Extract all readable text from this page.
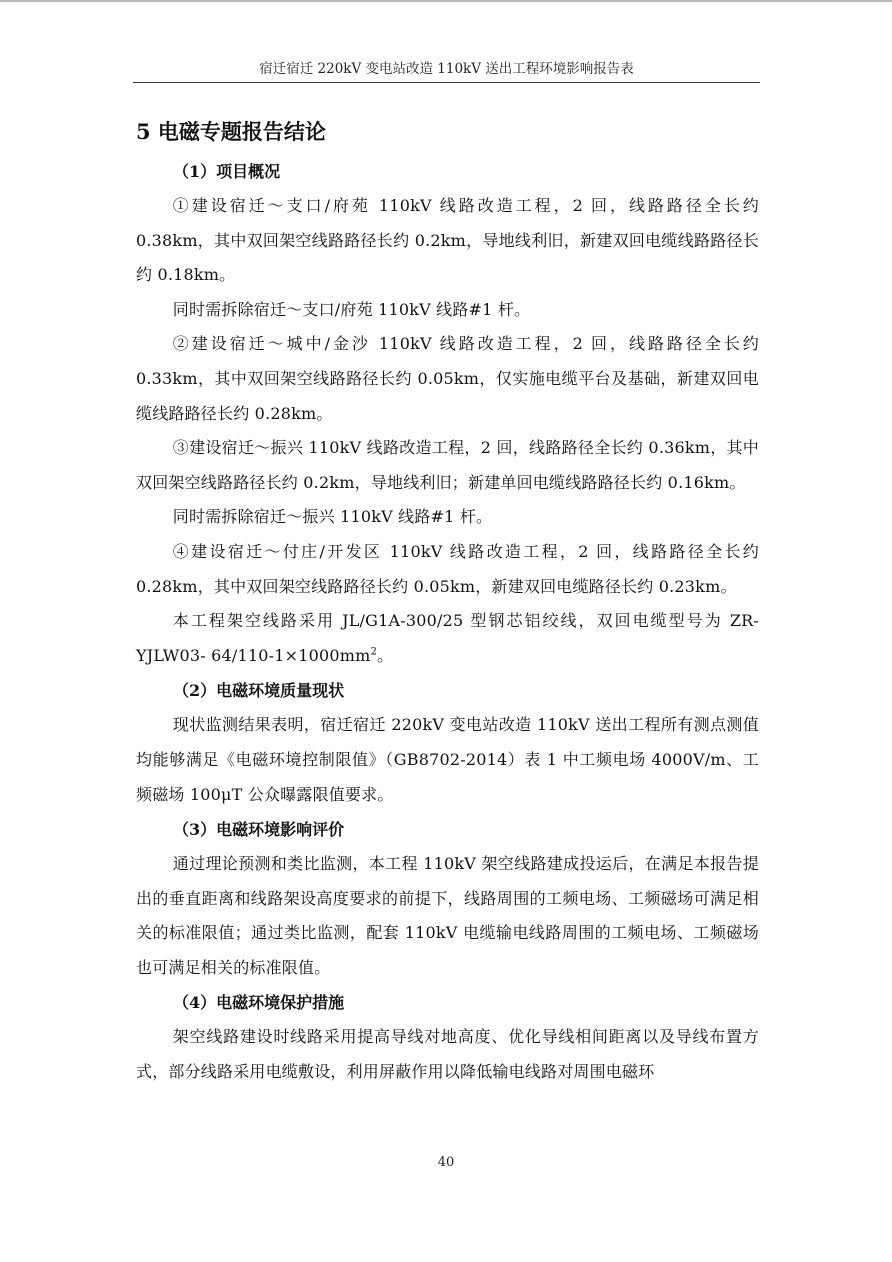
宿迁宿迁 220kV 变电站改造 110kV 送出工程环境影响报告表
5 电磁专题报告结论
（1）项目概况

①建设宿迁～支口/府苑 110kV 线路改造工程，2 回，线路路径全长约 0.38km，其中双回架空线路路径长约 0.2km，导地线利旧，新建双回电缆线路路径长约 0.18km。

同时需拆除宿迁～支口/府苑 110kV 线路#1 杆。

②建设宿迁～城中/金沙 110kV 线路改造工程，2 回，线路路径全长约 0.33km，其中双回架空线路路径长约 0.05km，仅实施电缆平台及基础，新建双回电缆线路路径长约 0.28km。

③建设宿迁～振兴 110kV 线路改造工程，2 回，线路路径全长约 0.36km，其中双回架空线路路径长约 0.2km，导地线利旧；新建单回电缆线路路径长约 0.16km。

同时需拆除宿迁～振兴 110kV 线路#1 杆。

④建设宿迁～付庄/开发区 110kV 线路改造工程，2 回，线路路径全长约 0.28km，其中双回架空线路路径长约 0.05km，新建双回电缆路径长约 0.23km。

本工程架空线路采用 JL/G1A-300/25 型钢芯铝绞线，双回电缆型号为 ZR-YJLW03- $64/110-1\times 1000mm^2$。

（2）电磁环境质量现状

现状监测结果表明，宿迁宿迁 220kV 变电站改造 110kV 送出工程所有测点测值均能够满足《电磁环境控制限值》（GB8702-2014）表 1 中工频电场 4000V/m、工频磁场 100μT 公众曝露限值要求。

（3）电磁环境影响评价

通过理论预测和类比监测，本工程 110kV 架空线路建成投运后，在满足本报告提出的垂直距离和线路架设高度要求的前提下，线路周围的工频电场、工频磁场可满足相关的标准限值；通过类比监测，配套 110kV 电缆输电线路周围的工频电场、工频磁场也可满足相关的标准限值。

（4）电磁环境保护措施

架空线路建设时线路采用提高导线对地高度、优化导线相间距离以及导线布置方式，部分线路采用电缆敷设，利用屏蔽作用以降低输电线路对周围电磁环

40
